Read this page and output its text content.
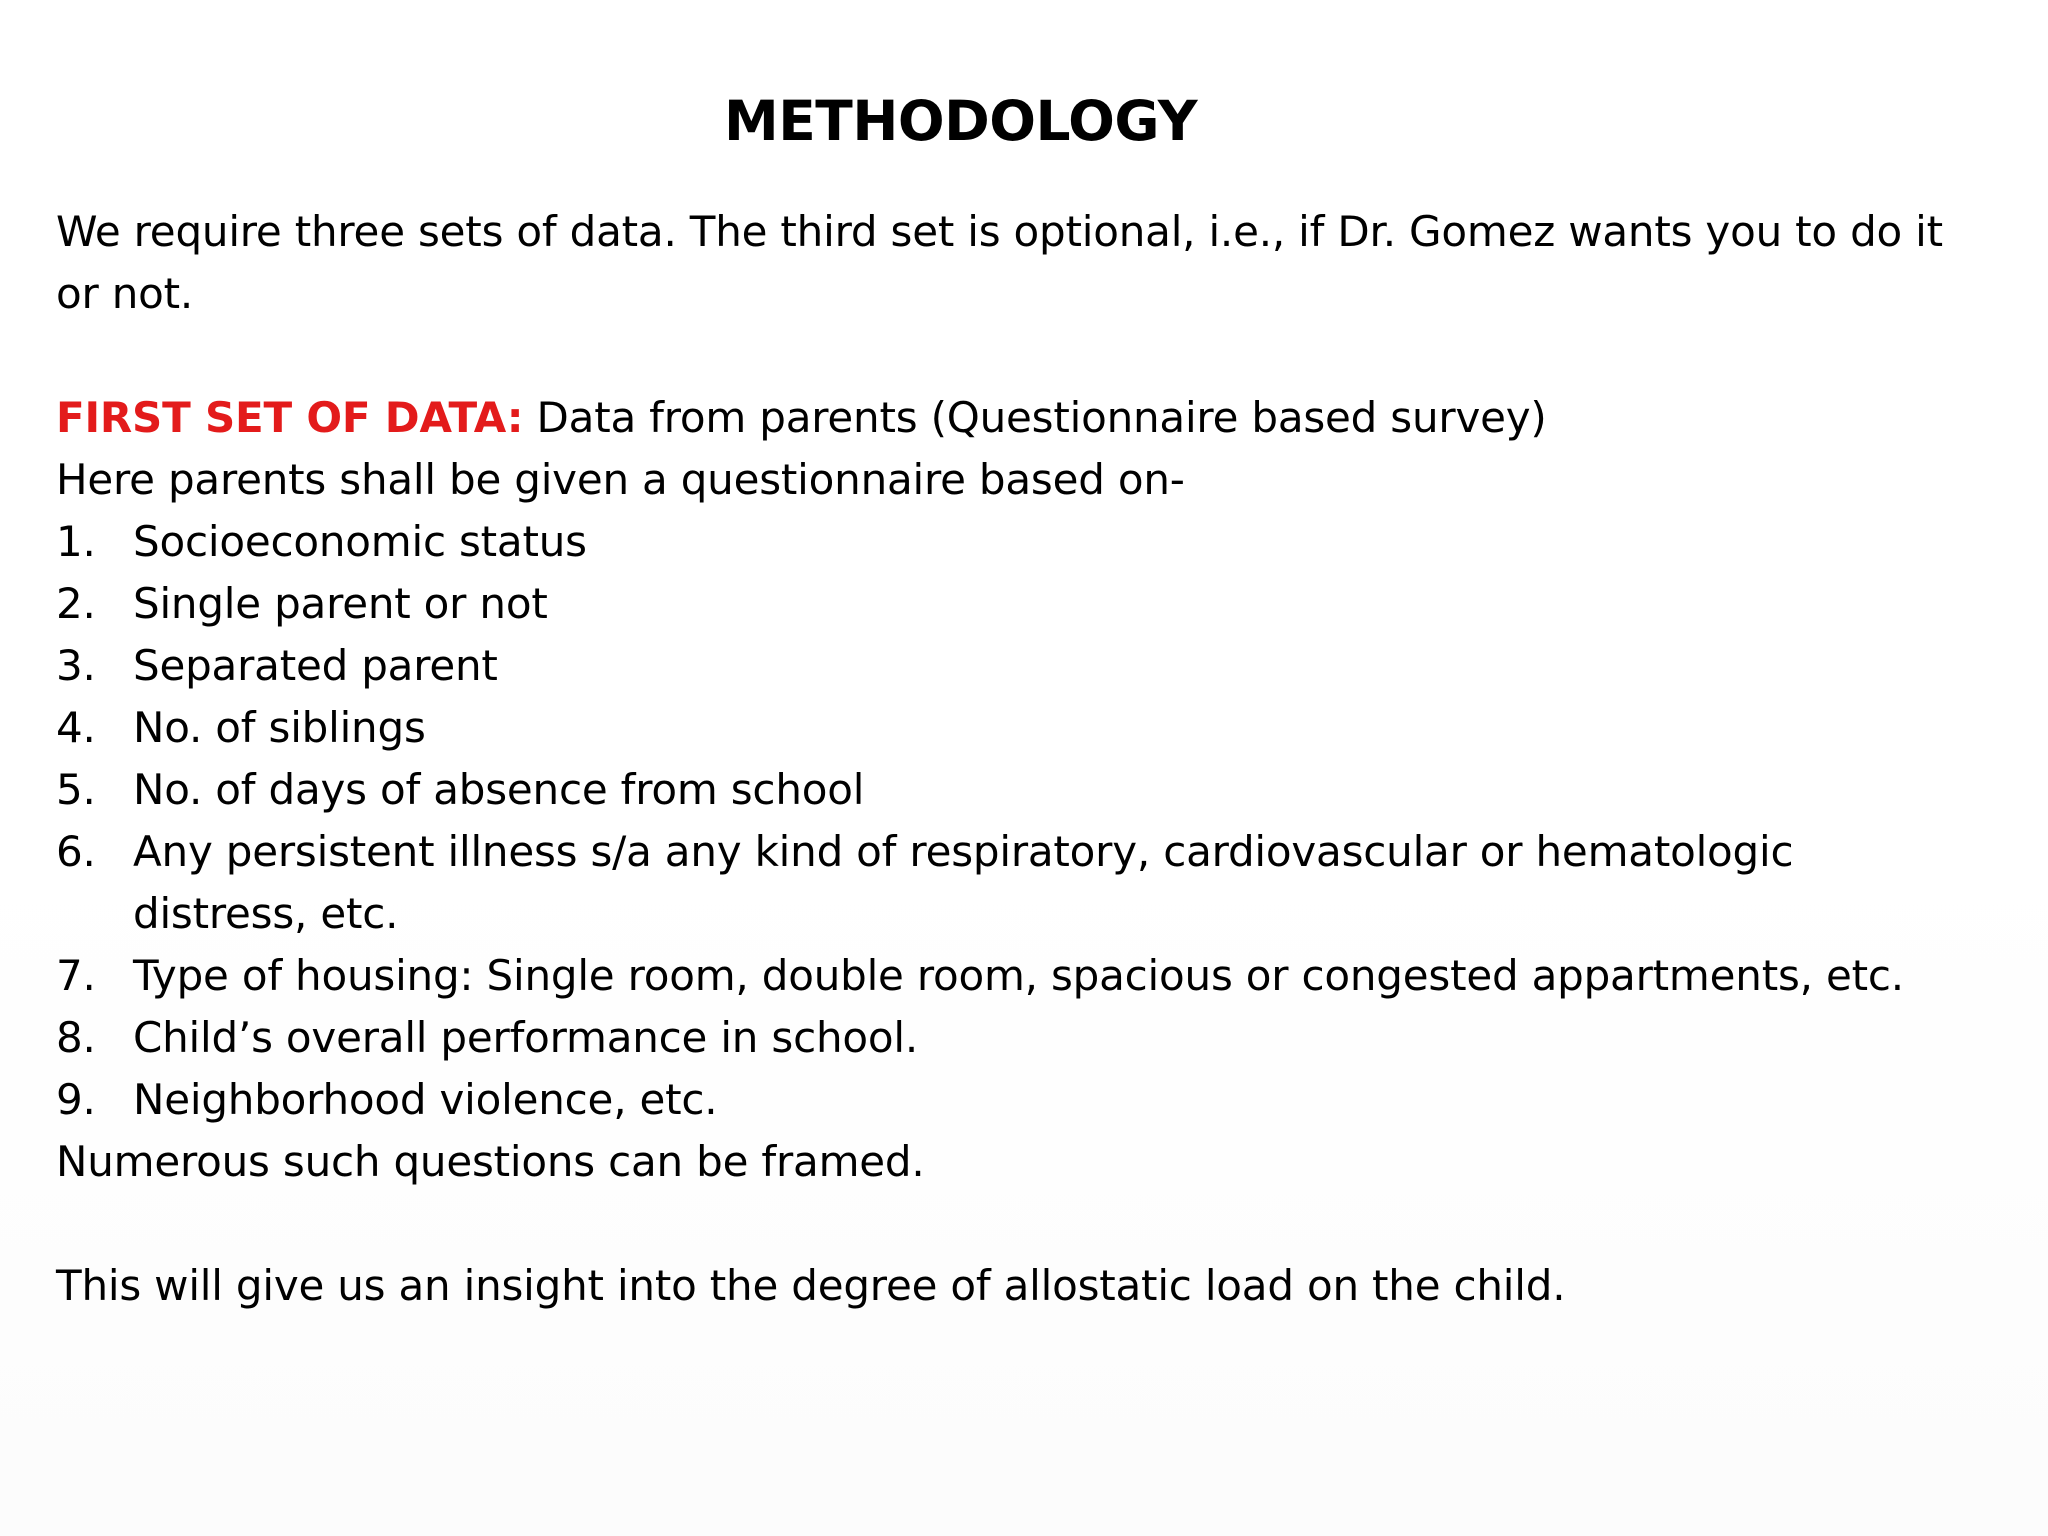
METHODOLOGY
We require three sets of data. The third set is optional, i.e., if Dr. Gomez wants you to do it
or not.
FIRST SET OF DATA: Data from parents (Questionnaire based survey)
Here parents shall be given a questionnaire based on-
1. Socioeconomic status
2. Single parent or not
3. Separated parent
4. No. of siblings
5. No. of days of absence from school
6. Any persistent illness s/a any kind of respiratory, cardiovascular or hematologic
distress, etc.
7. Type of housing: Single room, double room, spacious or congested appartments, etc.
8. Child’s overall performance in school.
9. Neighborhood violence, etc.
Numerous such questions can be framed.
This will give us an insight into the degree of allostatic load on the child.
